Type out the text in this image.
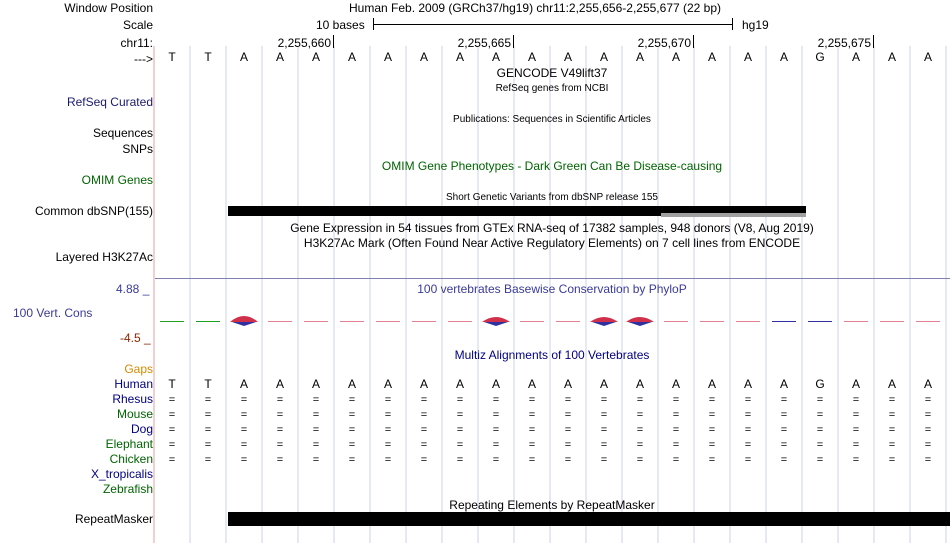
Window Position	Human Feb. 2009 (GRCh37/hg19) chr11:2,255,656-2,255,677 (22 bp)
Scale	10 bases	hg19
chr11:	2,255,660	2,255,665	2,255,670	2,255,675
--->	T	T	A	A	A	A	A	A	A	A	A	A	A	A	A	A	A	A	G	A	A	A
GENCODE V49lift37
RefSeq genes from NCBI
RefSeq Curated
Publications: Sequences in Scientific Articles
Sequences
SNPs
OMIM Gene Phenotypes - Dark Green Can Be Disease-causing
OMIM Genes
Short Genetic Variants from dbSNP release 155
Common dbSNP(155)
Gene Expression in 54 tissues from GTEx RNA-seq of 17382 samples, 948 donors (V8, Aug 2019)
H3K27Ac Mark (Often Found Near Active Regulatory Elements) on 7 cell lines from ENCODE
Layered H3K27Ac
4.88 _	100 vertebrates Basewise Conservation by PhyloP
100 Vert. Cons
-4.5 _
Multiz Alignments of 100 Vertebrates
Gaps
Human	T	T	A	A	A	A	A	A	A	A	A	A	A	A	A	A	A	A	G	A	A	A
Rhesus	=	=	=	=	=	=	=	=	=	=	=	=	=	=	=	=	=	=	=	=	=	=
Mouse	=	=	=	=	=	=	=	=	=	=	=	=	=	=	=	=	=	=	=	=	=	=
Dog	=	=	=	=	=	=	=	=	=	=	=	=	=	=	=	=	=	=	=	=	=	=
Elephant	=	=	=	=	=	=	=	=	=	=	=	=	=	=	=	=	=	=	=	=	=	=
Chicken	=	=	=	=	=	=	=	=	=	=	=	=	=	=	=	=	=	=	=	=	=	=
X_tropicalis
Zebrafish
Repeating Elements by RepeatMasker
RepeatMasker
